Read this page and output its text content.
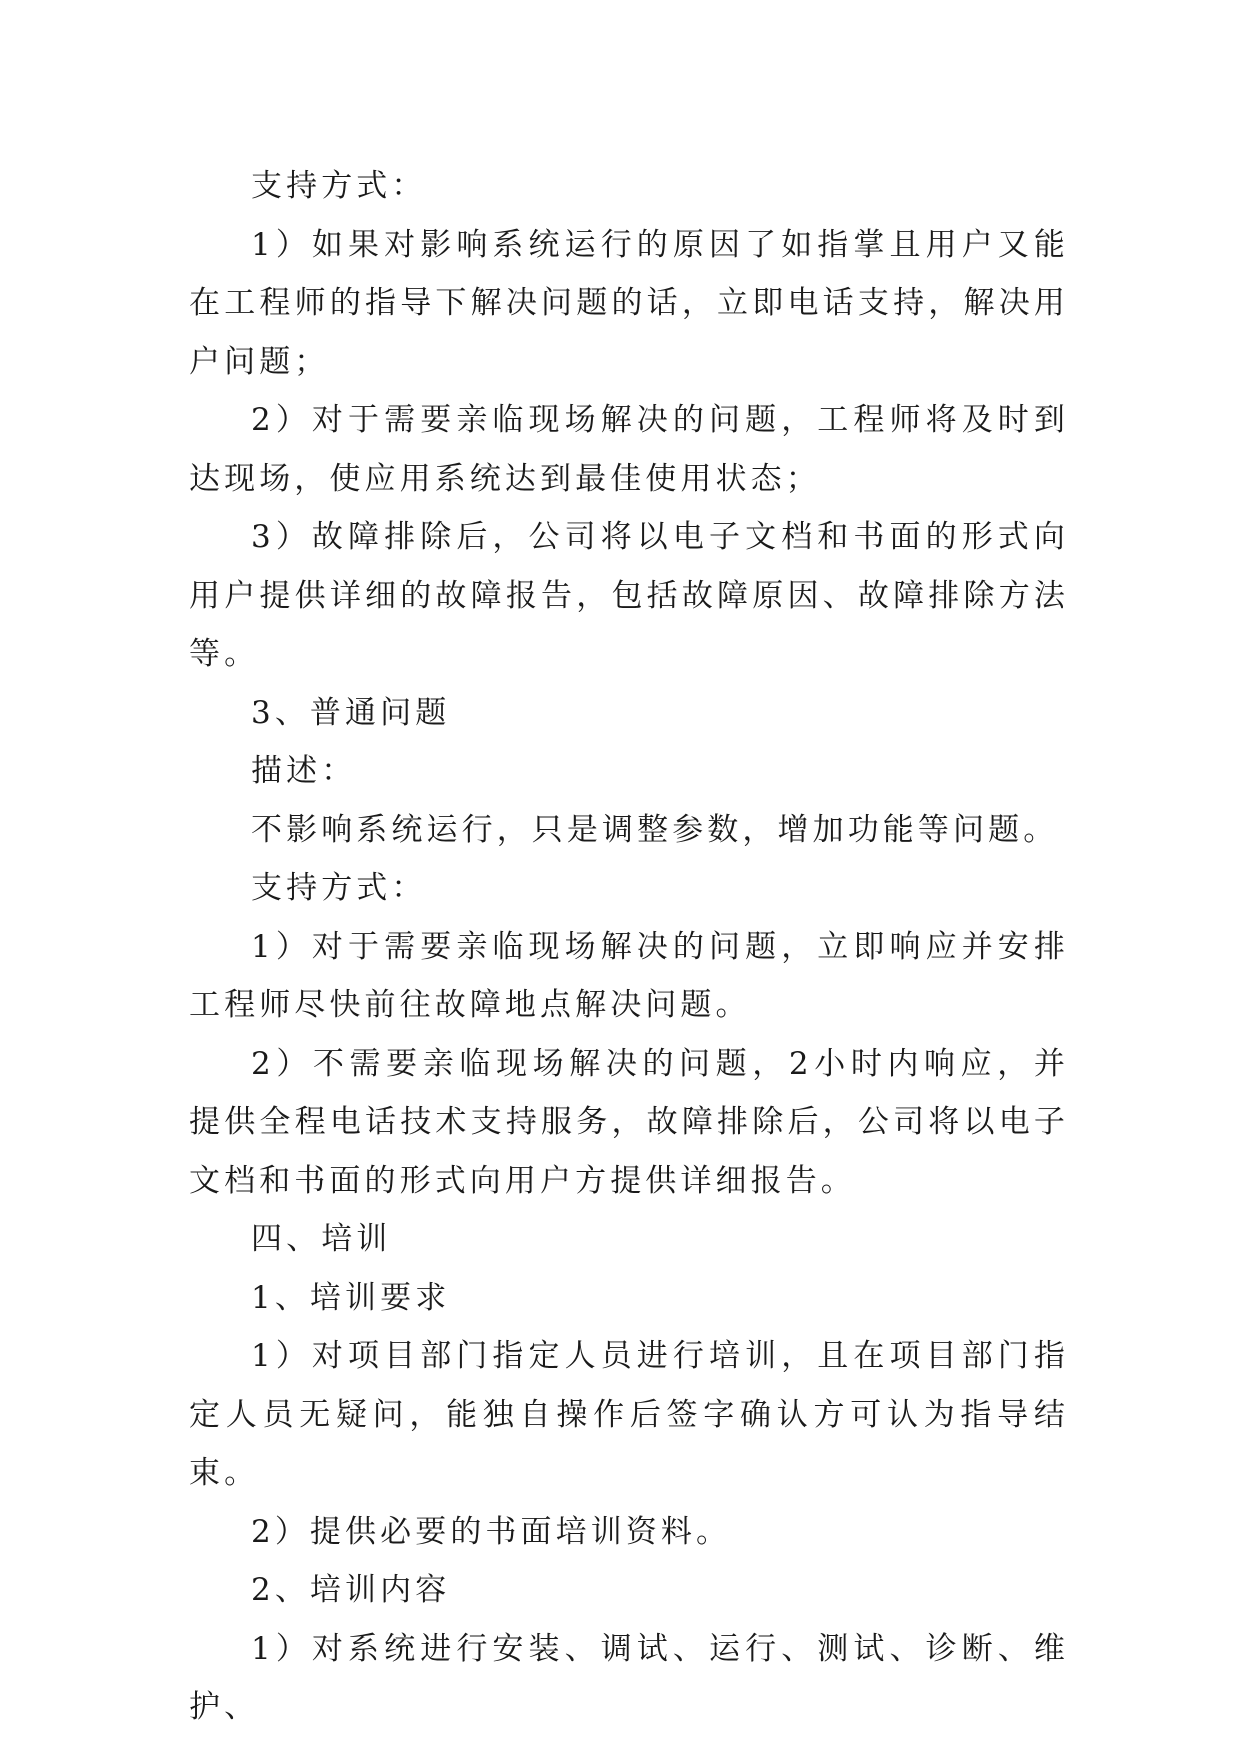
支持方式：

1）如果对影响系统运行的原因了如指掌且用户又能在工程师的指导下解决问题的话，立即电话支持，解决用户问题；

2）对于需要亲临现场解决的问题，工程师将及时到达现场，使应用系统达到最佳使用状态；

3）故障排除后，公司将以电子文档和书面的形式向用户提供详细的故障报告，包括故障原因、故障排除方法等。

3、普通问题

描述：

不影响系统运行，只是调整参数，增加功能等问题。

支持方式：

1）对于需要亲临现场解决的问题，立即响应并安排工程师尽快前往故障地点解决问题。

2）不需要亲临现场解决的问题，2小时内响应，并提供全程电话技术支持服务，故障排除后，公司将以电子文档和书面的形式向用户方提供详细报告。

四、培训

1、培训要求

1）对项目部门指定人员进行培训，且在项目部门指定人员无疑问，能独自操作后签字确认方可认为指导结束。

2）提供必要的书面培训资料。

2、培训内容

1）对系统进行安装、调试、运行、测试、诊断、维护、
